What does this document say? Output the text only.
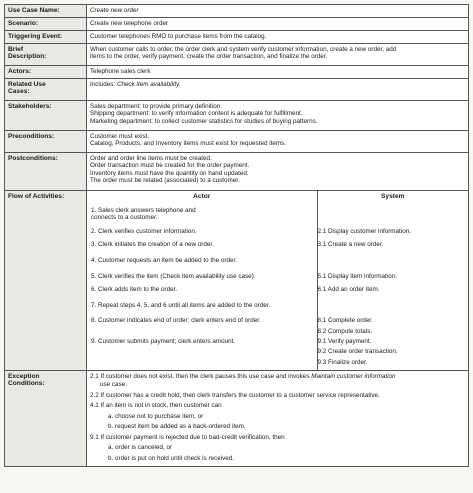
Use Case Name:	Create new order
Scenario:	Create new telephone order
Triggering Event:	Customer telephones RMO to purchase items from the catalog.

Brief
Description:

When customer calls to order, the order clerk and system verify customer information, create a new order, add
items to the order, verify payment, create the order transaction, and finalize the order.

Actors:	Telephone sales clerk

Related Use
Cases:
	Includes: Check item availability.
Stakeholders:	Sales department: to provide primary definition.
Shipping department: to verify information content is adequate for fulfillment.
Marketing department: to collect customer statistics for studies of buying patterns.

Preconditions:	Customer must exist.
Catalog, Products, and Inventory items must exist for requested items.

Postconditions:	Order and order line items must be created.
Order transaction must be created for the order payment.
Inventory items must have the quantity on hand updated.
The order must be related (associated) to a customer.

Flow of Activities:		Actor	System

1. Sales clerk answers telephone and
connects to a customer.

2. Clerk verifies customer information.	2.1 Display customer information.

3. Clerk initiates the creation of a new order.	3.1 Create a new order.

4. Customer requests an item be added to the order.

5. Clerk verifies the item (Check item availability use case).	5.1 Display item information.

6. Clerk adds item to the order.	6.1 Add an order item.

7. Repeat steps 4, 5, and 6 until all items are added to the order.

8. Customer indicates end of order; clerk enters end of order.	8.1 Complete order.
8.2 Compute totals.

9. Customer submits payment; clerk enters amount.	9.1 Verify payment.
9.2 Create order transaction.
9.3 Finalize order.

Exception
Conditions:

2.1 If customer does not exist, then the clerk pauses this use case and invokes Maintain customer information
use case.
2.2 If customer has a credit hold, then clerk transfers the customer to a customer service representative.
4.1 If an item is not in stock, then customer can
a. choose not to purchase item, or
b. request item be added as a back-ordered item.
9.1 If customer payment is rejected due to bad-credit verification, then
a. order is canceled, or
b. order is put on hold until check is received.
